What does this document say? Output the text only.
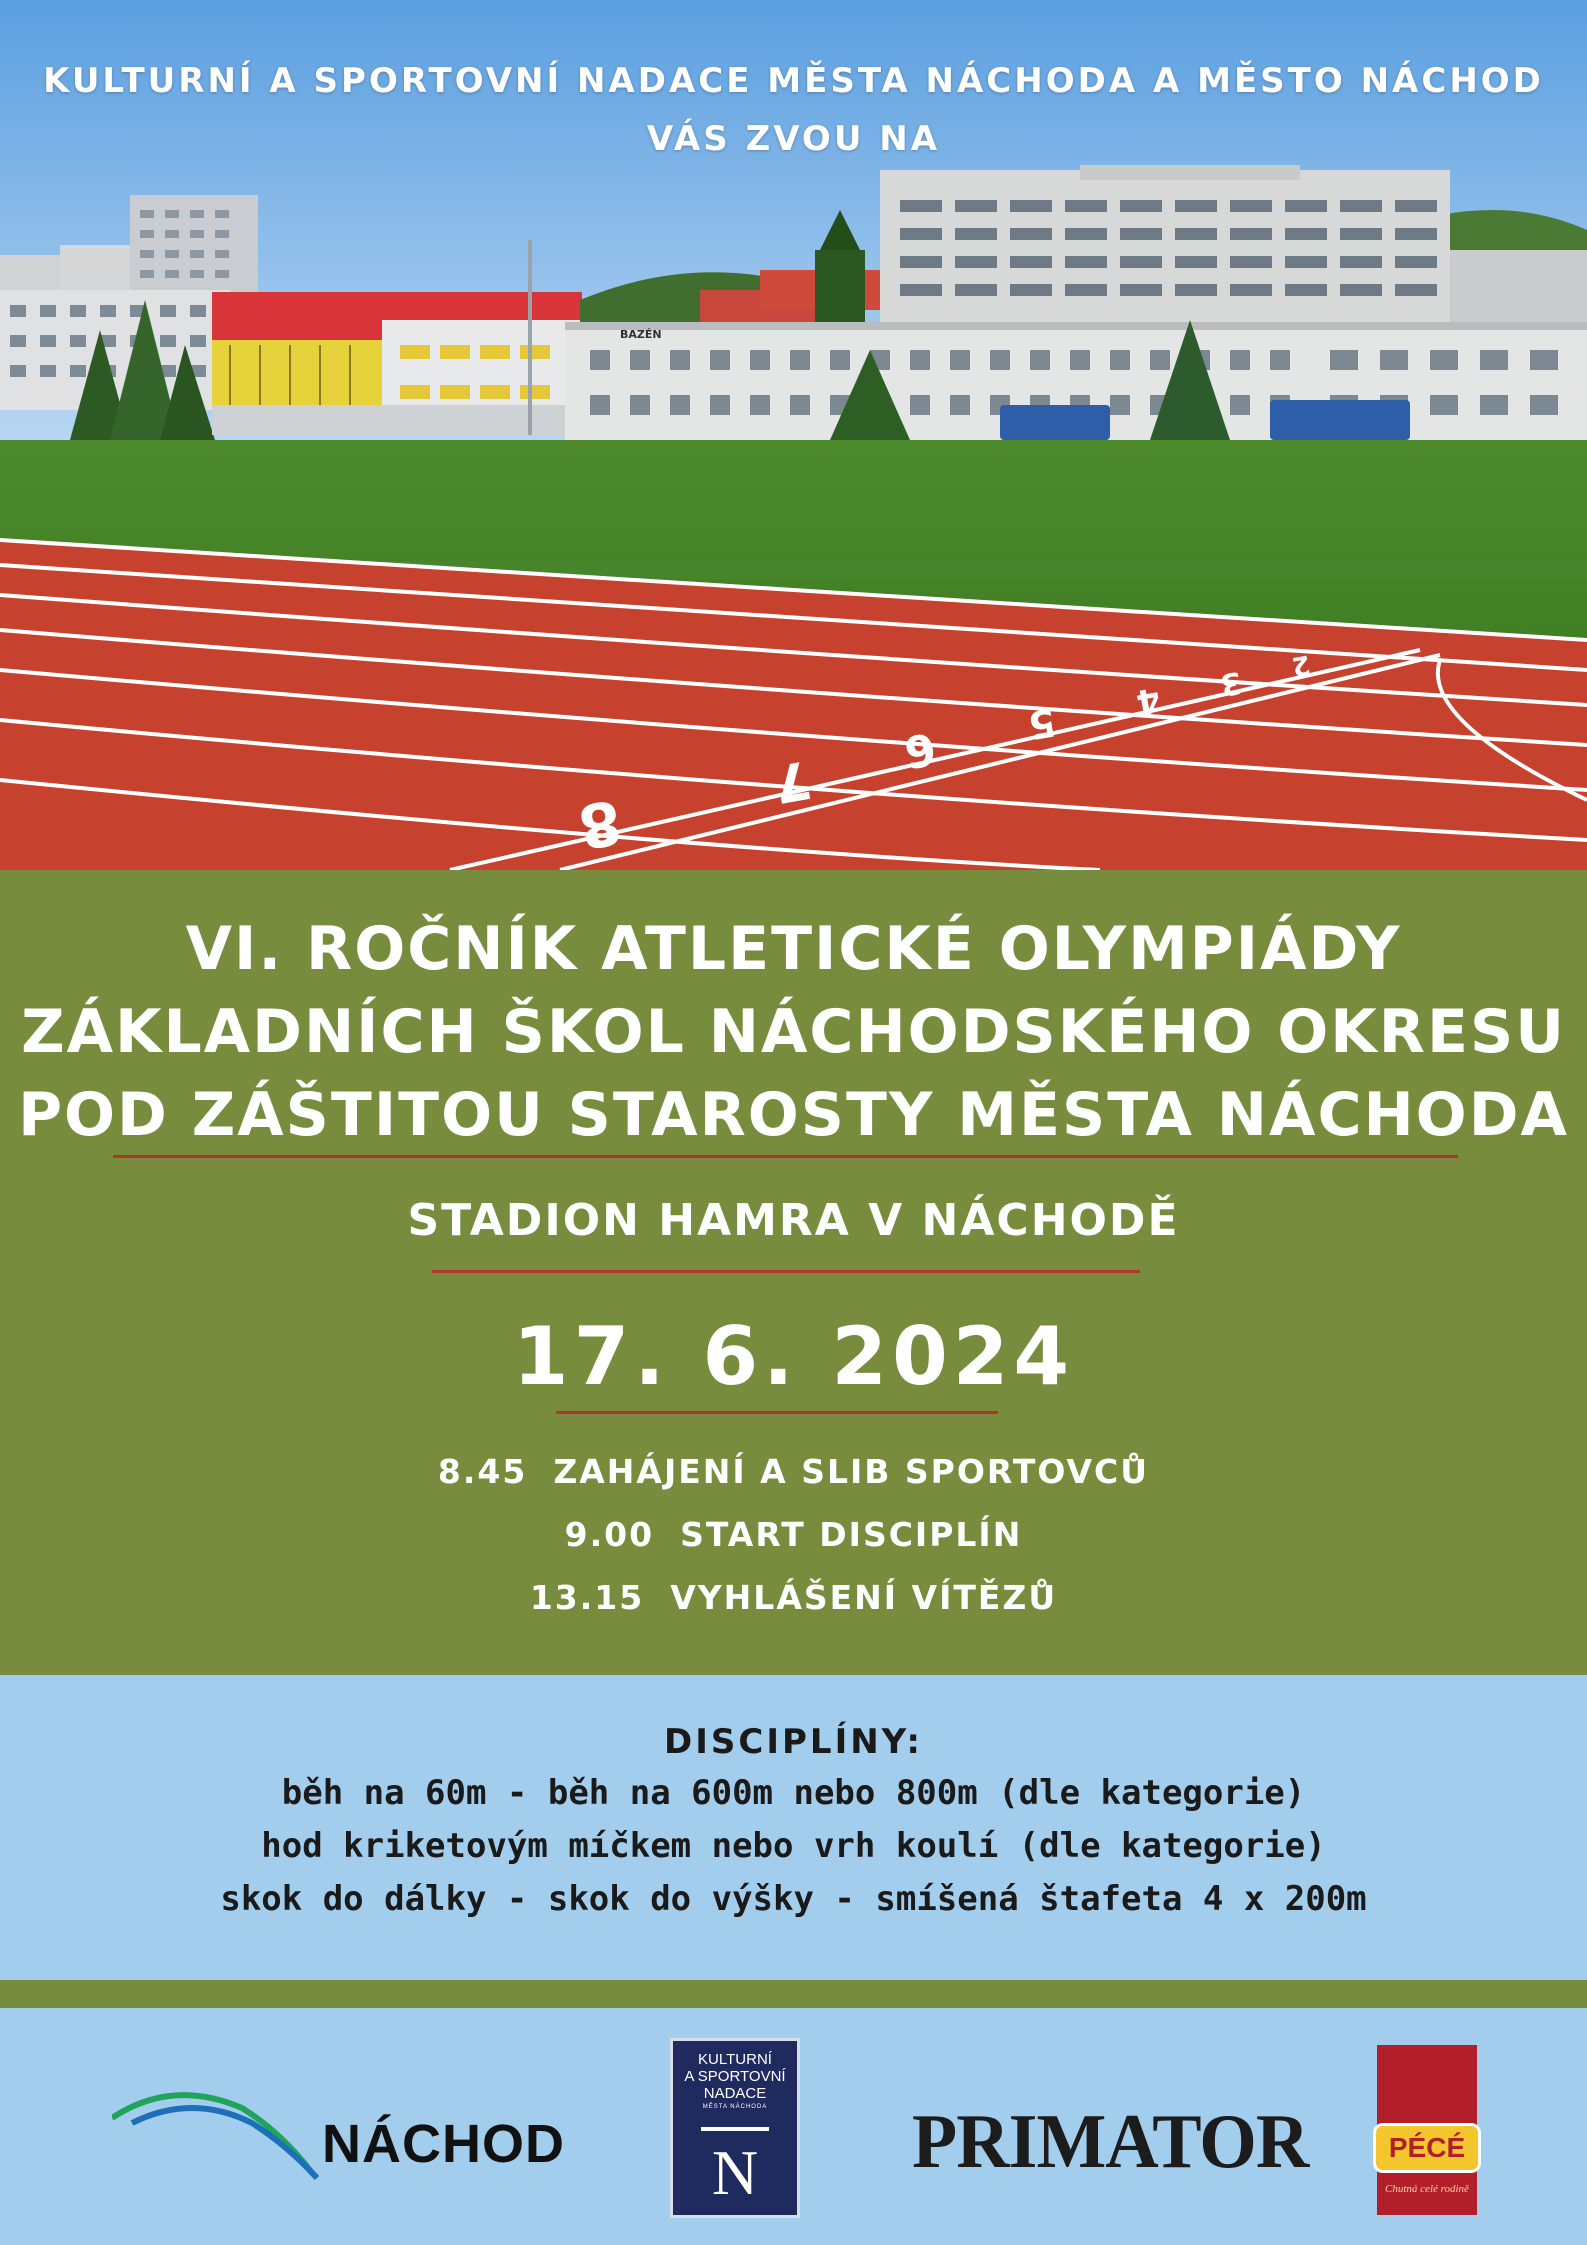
BAZÉN
8
7 6 5 4 3 2
KULTURNÍ A SPORTOVNÍ NADACE MĚSTA NÁCHODA A MĚSTO NÁCHOD
VÁS ZVOU NA
VI. ROČNÍK ATLETICKÉ OLYMPIÁDY
ZÁKLADNÍCH ŠKOL NÁCHODSKÉHO OKRESU
POD ZÁŠTITOU STAROSTY MĚSTA NÁCHODA
STADION HAMRA V NÁCHODĚ
17. 6. 2024
8.45 ZAHÁJENÍ A SLIB SPORTOVCŮ
9.00 START DISCIPLÍN
13.15 VYHLÁŠENÍ VÍTĚZŮ
DISCIPLÍNY:
běh na 60m - běh na 600m nebo 800m (dle kategorie)
hod kriketovým míčkem nebo vrh koulí (dle kategorie)
skok do dálky - skok do výšky - smíšená štafeta 4 x 200m
NÁCHOD
KULTURNÍ
A SPORTOVNÍ
NADACE
MĚSTA NÁCHODA
N	PRIMATOR	PÉCÉ
Chutná celé rodině
